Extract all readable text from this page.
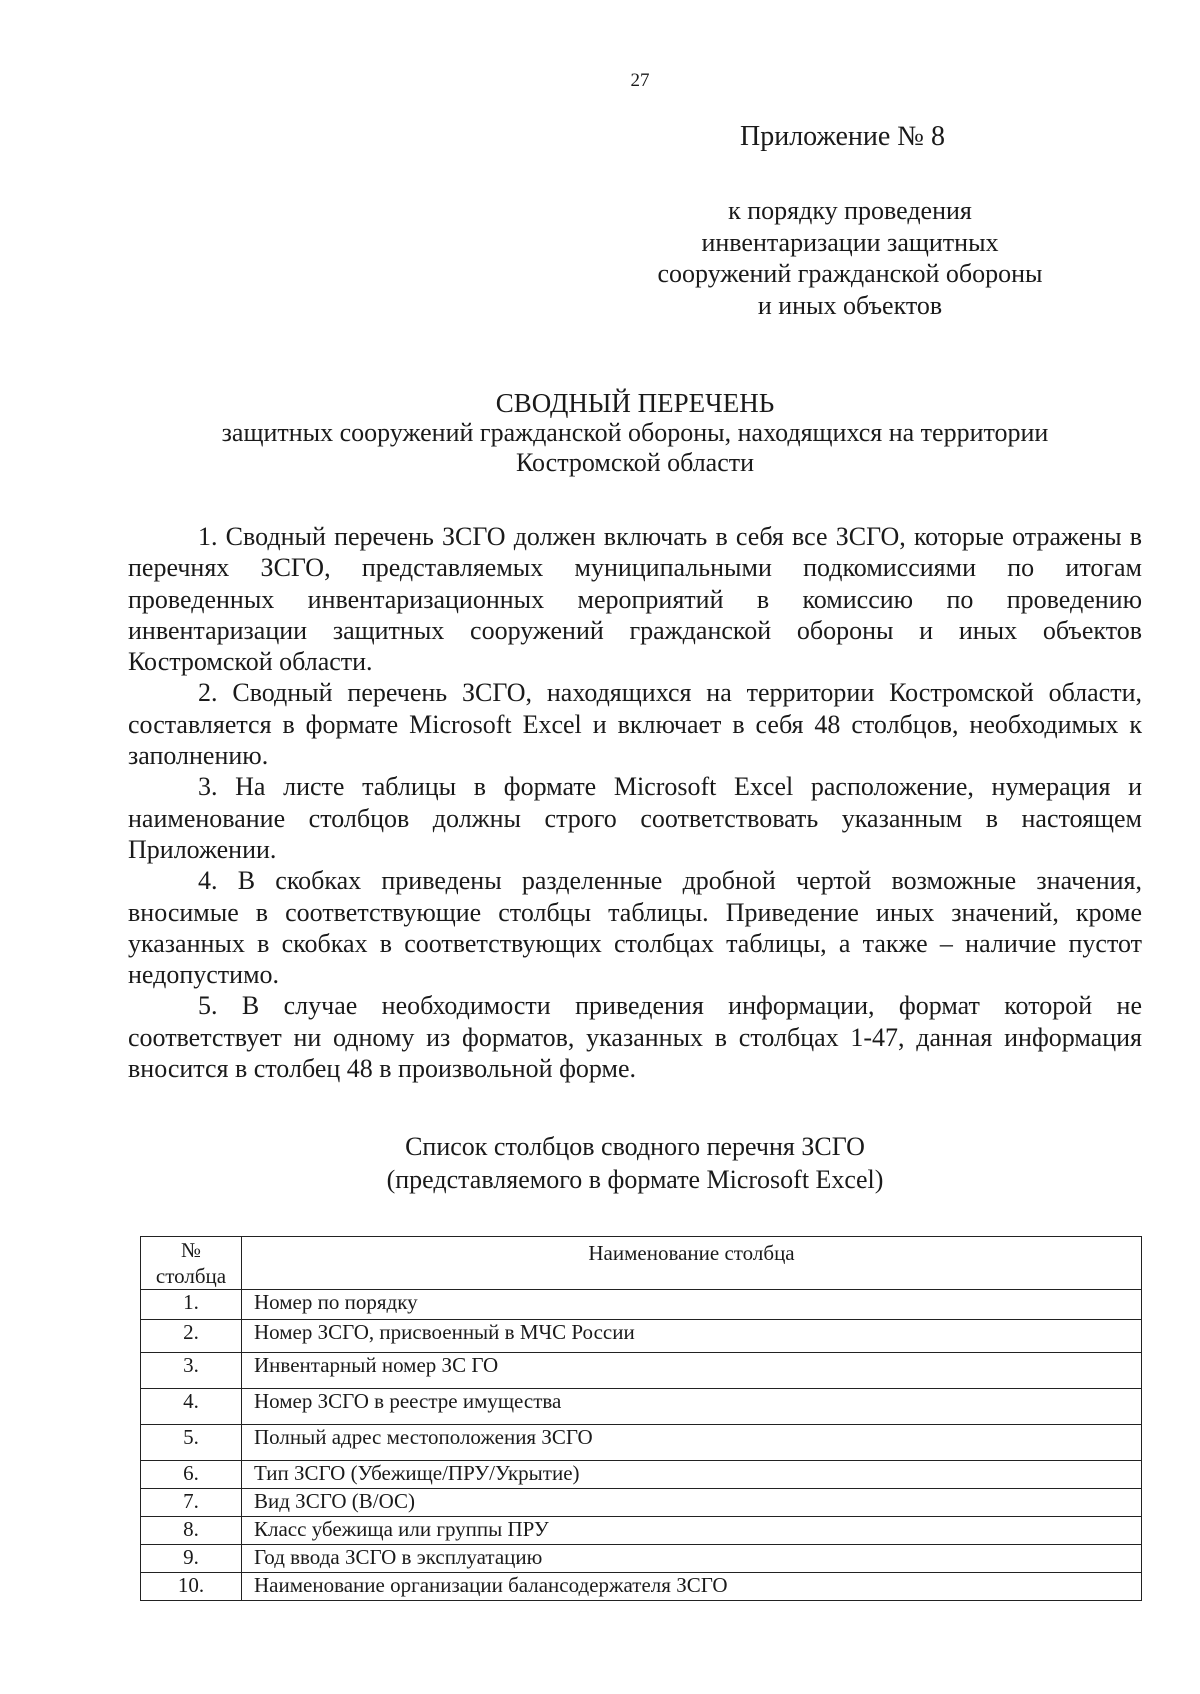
27
Приложение № 8
к порядку проведения
инвентаризации защитных
сооружений гражданской обороны
и иных объектов
СВОДНЫЙ ПЕРЕЧЕНЬ
защитных сооружений гражданской обороны, находящихся на территории
Костромской области

1. Сводный перечень ЗСГО должен включать в себя все ЗСГО, которые отражены в перечнях ЗСГО, представляемых муниципальными подкомиссиями по итогам проведенных инвентаризационных мероприятий в комиссию по проведению инвентаризации защитных сооружений гражданской обороны и иных объектов Костромской области.

2. Сводный перечень ЗСГО, находящихся на территории Костромской области, составляется в формате Microsoft Excel и включает в себя 48 столбцов, необходимых к заполнению.

3. На листе таблицы в формате Microsoft Excel расположение, нумерация и наименование столбцов должны строго соответствовать указанным в настоящем Приложении.

4. В скобках приведены разделенные дробной чертой возможные значения, вносимые в соответствующие столбцы таблицы. Приведение иных значений, кроме указанных в скобках в соответствующих столбцах таблицы, а также – наличие пустот недопустимо.

5. В случае необходимости приведения информации, формат которой не соответствует ни одному из форматов, указанных в столбцах 1-47, данная информация вносится в столбец 48 в произвольной форме.

Список столбцов сводного перечня ЗСГО
(представляемого в формате Microsoft Excel)
№
столбца	Наименование столбца
1.	Номер по порядку
2.	Номер ЗСГО, присвоенный в МЧС России
3.	Инвентарный номер ЗС ГО
4.	Номер ЗСГО в реестре имущества
5.	Полный адрес местоположения ЗСГО
6.	Тип ЗСГО (Убежище/ПРУ/Укрытие)
7.	Вид ЗСГО (В/ОС)
8.	Класс убежища или группы ПРУ
9.	Год ввода ЗСГО в эксплуатацию
10.	Наименование организации балансодержателя ЗСГО
